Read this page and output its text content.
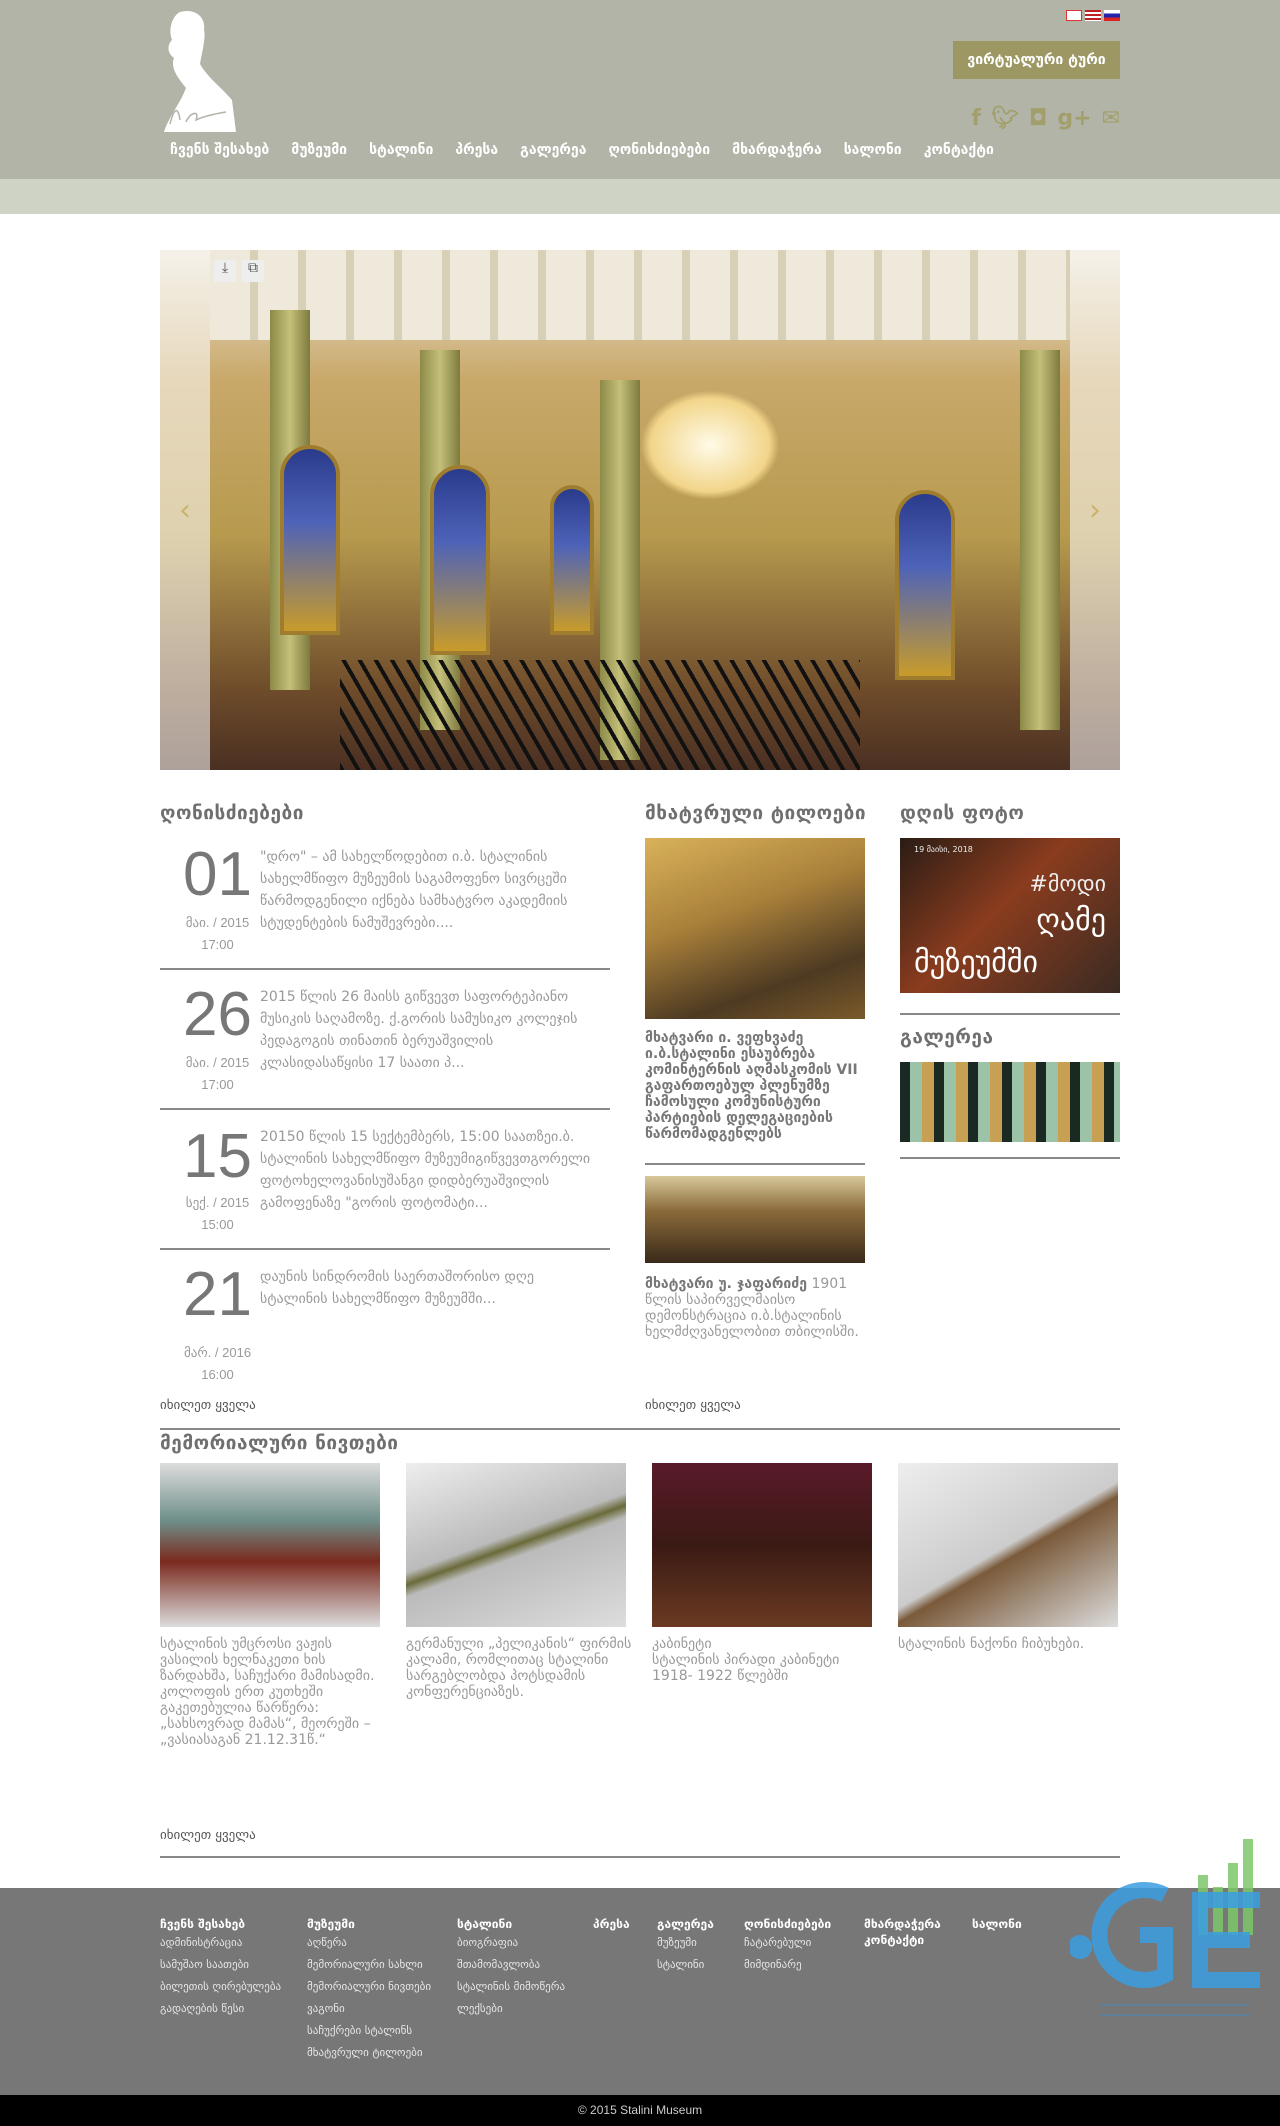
ვირტუალური ტური
f 🐦︎ ◘ g+ ✉
ჩვენს შესახებ მუზეუმი სტალინი პრესა გალერეა ღონისძიებები მხარდაჭერა სალონი კონტაქტი
⤓	⧉
‹	›
ღონისძიებები
01
მაი. / 2015
17:00
"დრო" – ამ სახელწოდებით ი.ბ. სტალინის სახელმწიფო მუზეუმის საგამოფენო სივრცეში წარმოდგენილი იქნება სამხატვრო აკადემიის სტუდენტების ნამუშევრები....
26
მაი. / 2015
17:00
2015 წლის 26 მაისს გიწვევთ საფორტეპიანო მუსიკის საღამოზე. ქ.გორის სამუსიკო კოლეჯის პედაგოგის თინათინ ბერუაშვილის კლასიდასაწყისი 17 საათი პ...
15
სექ. / 2015
15:00
20150 წლის 15 სექტემბერს, 15:00 საათზეი.ბ. სტალინის სახელმწიფო მუზეუმიგიწვევთგორელი ფოტოხელოვანისუშანგი დიდბერუაშვილის გამოფენაზე "გორის ფოტომატი...
21
მარ. / 2016
16:00
დაუნის სინდრომის საერთაშორისო დღე სტალინის სახელმწიფო მუზეუმში...
იხილეთ ყველა
მხატვრული ტილოები
მხატვარი ი. ვეფხვაძე ი.ბ.სტალინი ესაუბრება კომინტერნის აღმასკომის VII გაფართოებულ პლენუმზე ჩამოსული კომუნისტური პარტიების დელეგაციების წარმომადგენლებს
მხატვარი უ. ჯაფარიძე 1901 წლის საპირველმაისო დემონსტრაცია ი.ბ.სტალინის ხელმძღვანელობით თბილისში.
იხილეთ ყველა
დღის ფოტო
19 მაისი, 2018
#მოდი
ღამე
მუზეუმში
გალერეა
მემორიალური ნივთები
სტალინის უმცროსი ვაჟის ვასილის ხელნაკეთი ხის ზარდახშა, საჩუქარი მამისადმი. კოლოფის ერთ კუთხეში გაკეთებულია წარწერა: „სახსოვრად მამას“, მეორეში – „ვასიასაგან 21.12.31წ.“
გერმანული „პელიკანის“ ფირმის კალამი, რომლითაც სტალინი სარგებლობდა პოტსდამის კონფერენციაზეს.
კაბინეტი
სტალინის პირადი კაბინეტი 1918- 1922 წლებში
სტალინის ნაქონი ჩიბუხები.
იხილეთ ყველა
ჩვენს შესახებ
ადმინისტრაცია
სამუშაო საათები
ბილეთის ღირებულება
გადაღების წესი
მუზეუმი
აღწერა
მემორიალური სახლი
მემორიალური ნივთები
ვაგონი
საჩუქრები სტალინს
მხატვრული ტილოები
სტალინი
ბიოგრაფია
შთამომავლობა
სტალინის მიმოწერა
ლექსები
პრესა გალერეა
მუზეუმი
სტალინი
ღონისძიებები
ჩატარებული
მიმდინარე
მხარდაჭერა
კონტაქტი
სალონი
© 2015 Stalini Museum
